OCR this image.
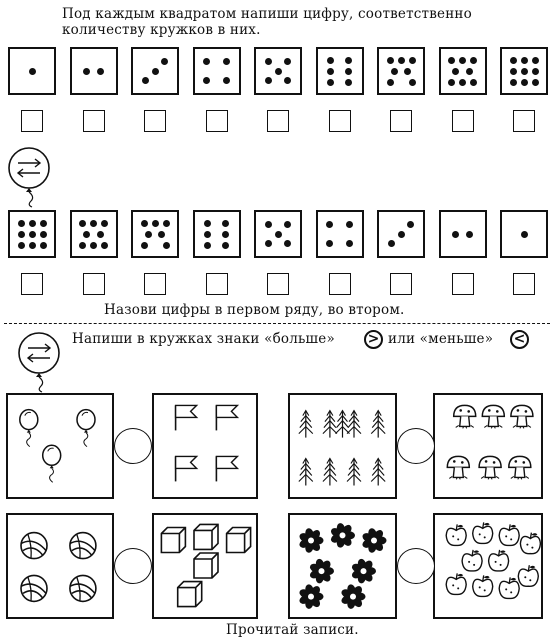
Под каждым квадратом напиши цифру, соответственно
количеству кружков в них.
Назови цифры в первом ряду, во втором.
Напиши в кружках знаки «больше» > или «меньше» <
Прочитай записи.
